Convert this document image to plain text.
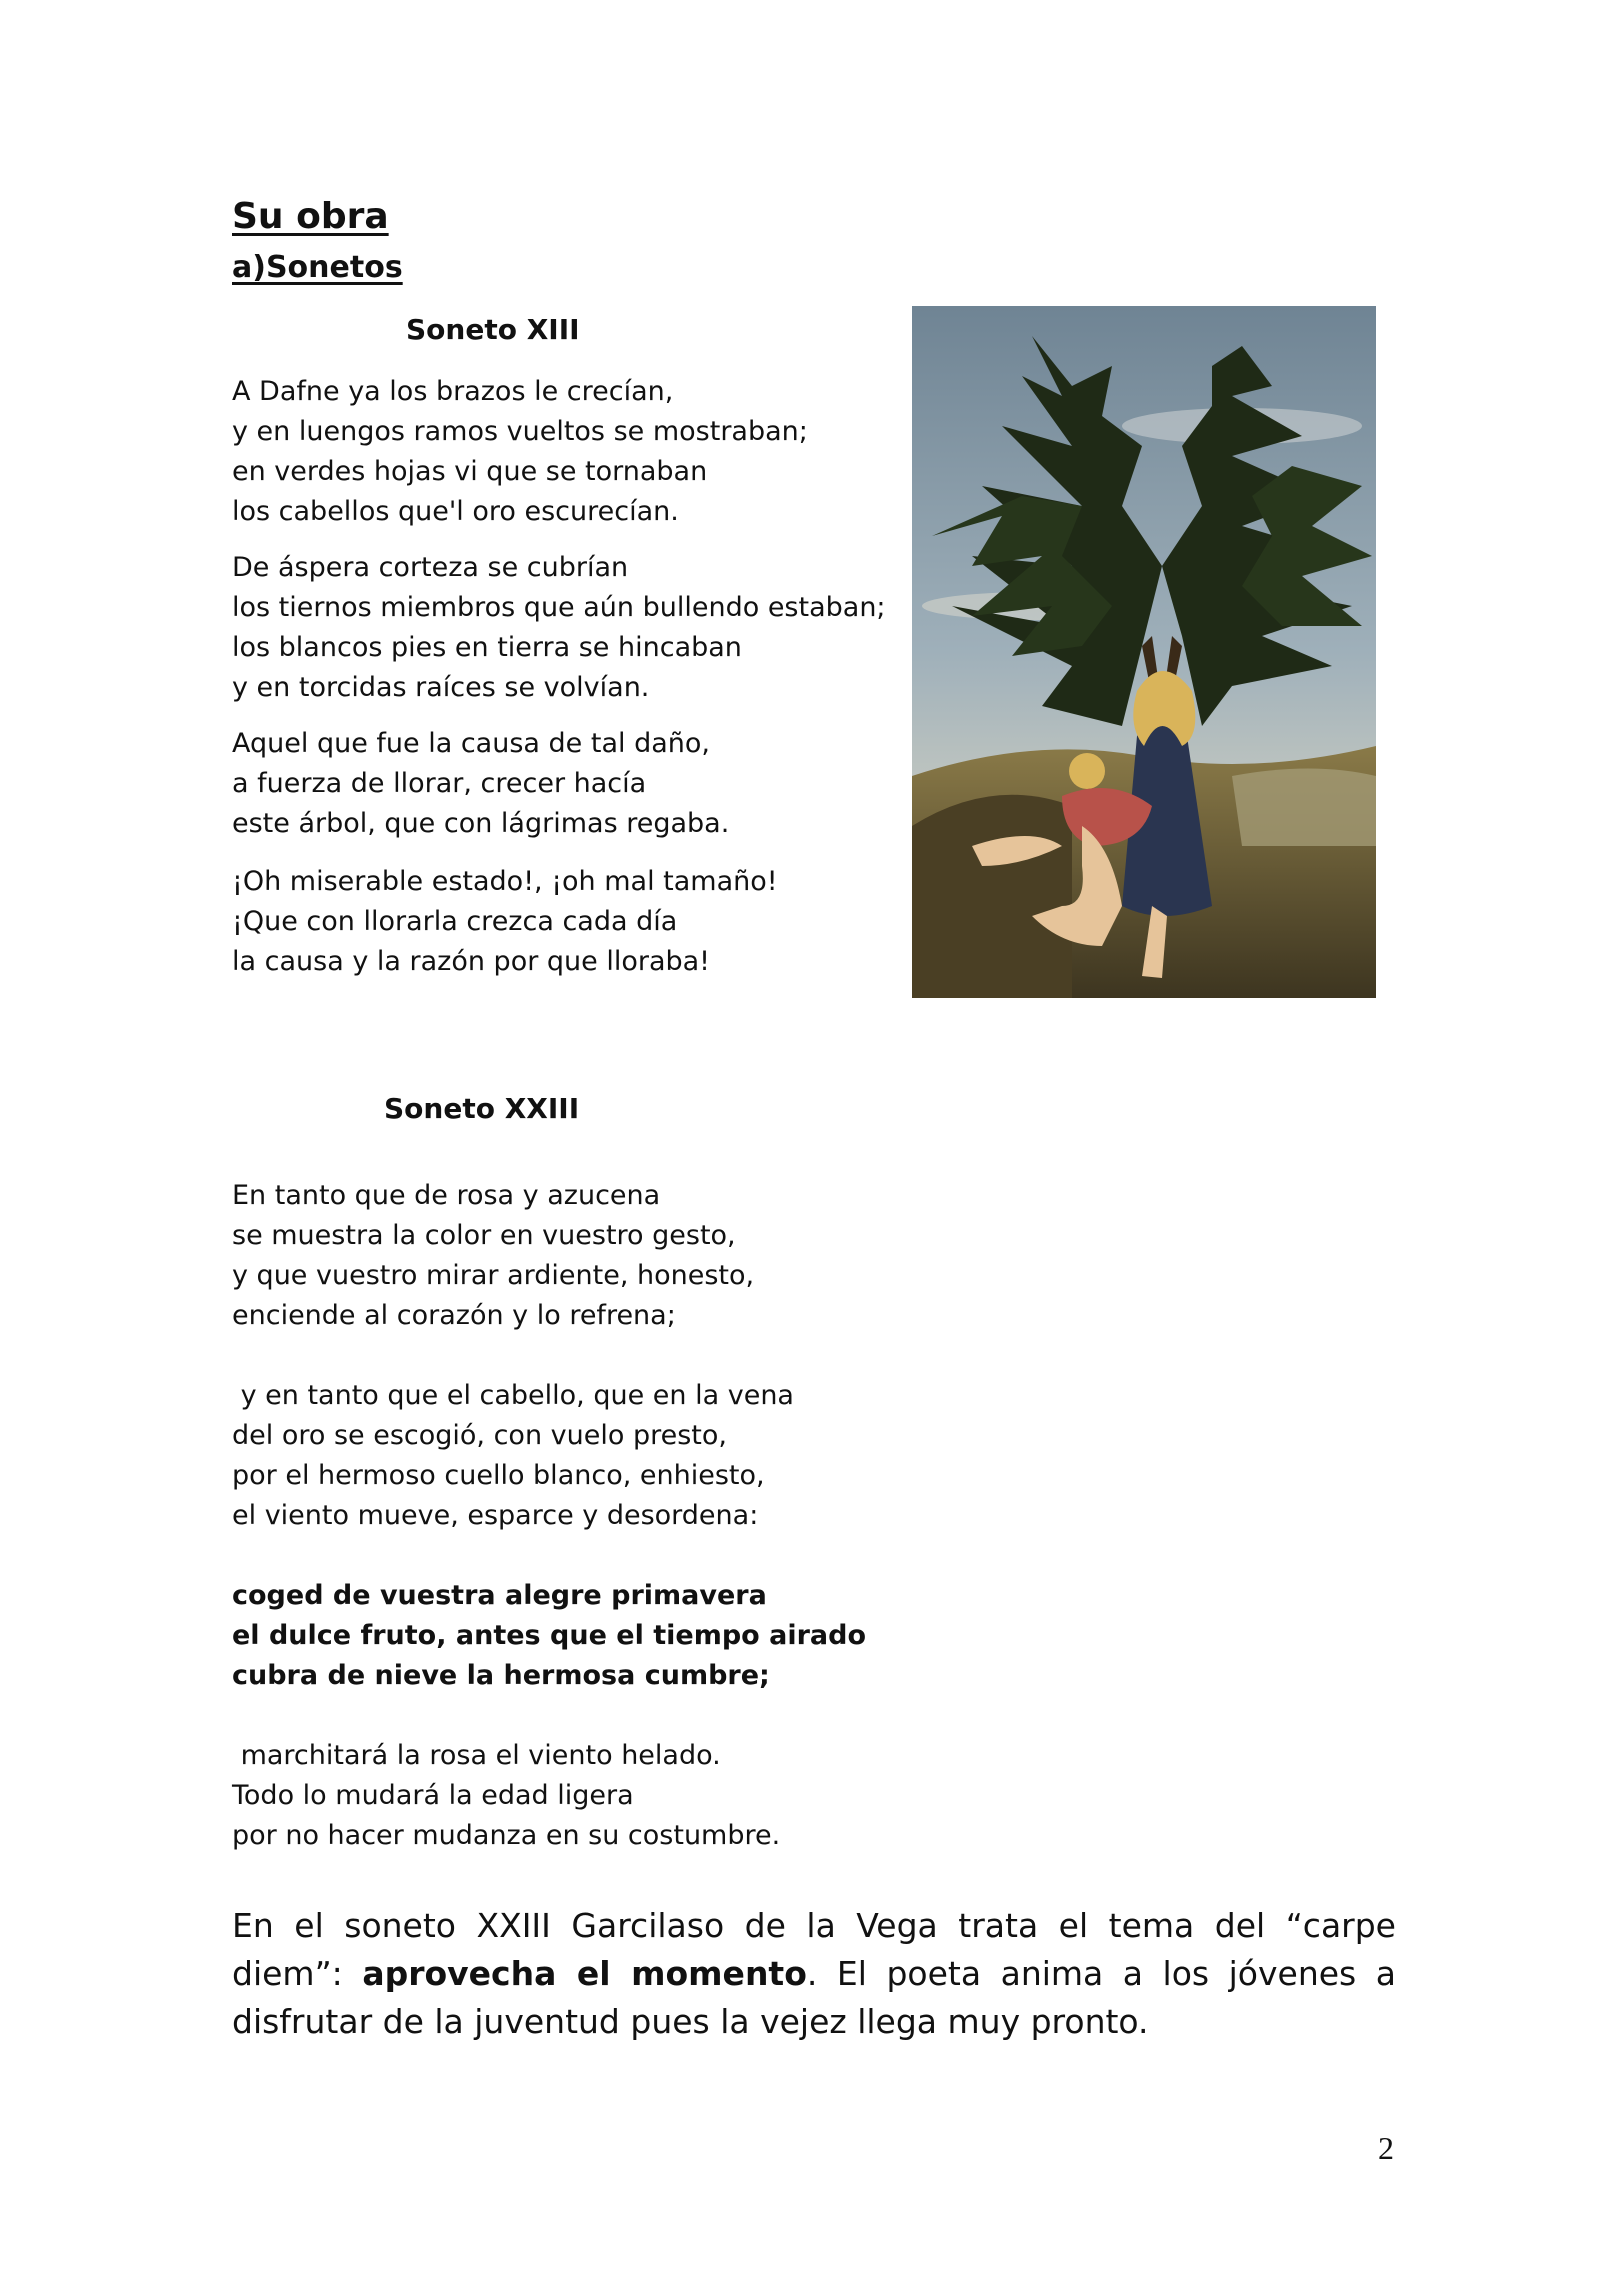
Su obra
a)Sonetos
Soneto XIII
A Dafne ya los brazos le crecían,
y en luengos ramos vueltos se mostraban;
en verdes hojas vi que se tornaban
los cabellos que'l oro escurecían.
De áspera corteza se cubrían
los tiernos miembros que aún bullendo estaban;
los blancos pies en tierra se hincaban
y en torcidas raíces se volvían.
Aquel que fue la causa de tal daño,
a fuerza de llorar, crecer hacía
este árbol, que con lágrimas regaba.
¡Oh miserable estado!, ¡oh mal tamaño!
¡Que con llorarla crezca cada día
la causa y la razón por que lloraba!
Soneto XXIII
En tanto que de rosa y azucena
se muestra la color en vuestro gesto,
y que vuestro mirar ardiente, honesto,
enciende al corazón y lo refrena;
y en tanto que el cabello, que en la vena
del oro se escogió, con vuelo presto,
por el hermoso cuello blanco, enhiesto,
el viento mueve, esparce y desordena:
coged de vuestra alegre primavera
el dulce fruto, antes que el tiempo airado
cubra de nieve la hermosa cumbre;
marchitará la rosa el viento helado.
Todo lo mudará la edad ligera
por no hacer mudanza en su costumbre.
En el soneto XXIII Garcilaso de la Vega trata el tema del “carpe diem”: aprovecha el momento. El poeta anima a los jóvenes a disfrutar de la juventud pues la vejez llega muy pronto.
2
